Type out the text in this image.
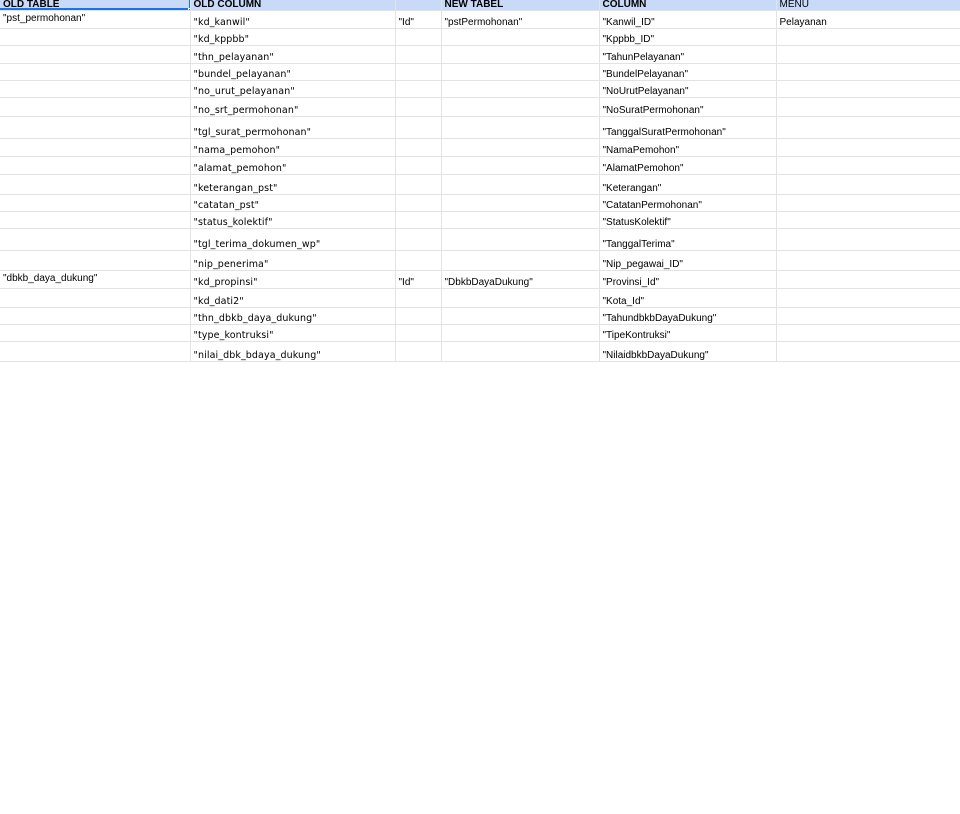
OLD TABLE	OLD COLUMN		NEW TABEL	COLUMN	MENU
"pst_permohonan"	"kd_kanwil"	"Id"	"pstPermohonan"	"Kanwil_ID"	Pelayanan
	"kd_kppbb"			"Kppbb_ID"	
	"thn_pelayanan"			"TahunPelayanan"	
	"bundel_pelayanan"			"BundelPelayanan"	
	"no_urut_pelayanan"			"NoUrutPelayanan"	
	"no_srt_permohonan"			"NoSuratPermohonan"	
	"tgl_surat_permohonan"			"TanggalSuratPermohonan"	
	"nama_pemohon"			"NamaPemohon"	
	"alamat_pemohon"			"AlamatPemohon"	
	"keterangan_pst"			"Keterangan"	
	"catatan_pst"			"CatatanPermohonan"	
	"status_kolektif"			"StatusKolektif"	
	"tgl_terima_dokumen_wp"			"TanggalTerima"	
	"nip_penerima"			"Nip_pegawai_ID"	
"dbkb_daya_dukung"	"kd_propinsi"	"Id"	"DbkbDayaDukung"	"Provinsi_Id"	
	"kd_dati2"			"Kota_Id"	
	"thn_dbkb_daya_dukung"			"TahundbkbDayaDukung"	
	"type_kontruksi"			"TipeKontruksi"	
	"nilai_dbk_bdaya_dukung"			"NilaidbkbDayaDukung"	
